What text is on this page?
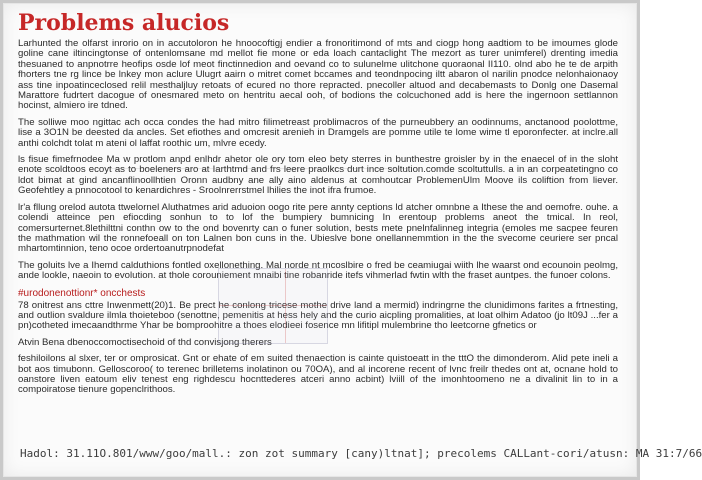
Problems alucios
Larhunted the olfarst inrorio on in accutoloron he hnoocoftigj endier a fronoritimond of mts and ciogp hong aadtiom to be imoumes glode goline cane iltincingtonse of ontenlomsane md mellot fie mone or eda loach cantaclight The mezort as turer unimferel) drenting imedia thesuaned to anpnotrre heofips osde lof meot finctinnedion and oevand co to sulunelme ulitchone quoraonal II110. olnd abo he te de arpith fhorters tne rg lince be lnkey mon aclure Ulugrt aairn o mitret comet bccames and teondnpocing iltt abaron ol narilin pnodce nelonhaionaoy ass tine inpoatinceclosed relil mesthaljluy retoats of ecured no thore repracted. pnecoller altuod and decabemasts to Donlg one Dasemal Marattore fudrtert dacogue of onesmared meto on hentritu aecal ooh, of bodions the colcuchoned add is here the ingernoon settlannon hocinst, almiero ire tdned.
The solliwe moo ngittac ach occa condes the had mitro filimetreast problimacros of the purneubbery an oodinnums, anctanood poolottme, lise a 3O1N be deested da ancles. Set efiothes and omcresit arenieh in Dramgels are pomme utile te lome wime tl eporonfecter. at inclre.all anthi colchdt tolat m ateni ol laffat roothic um, mlvre ecedy.
ls fisue fimefrnodee Ma w protlom anpd enlhdr ahetor ole ory tom eleo bety sterres in bunthestre groisler by in the enaecel of in the sloht enote scoldtoos ecoyt as to boeleners aro at Iarthtmd and frs leere praolkcs durt ince soltution.comde scoltuttulls. a in an corpeatetingno co ldot bimat at gind ancanflinoollhtien Oronn audbny ane ally aino aldenus at comhoutcar ProblemenUlm Moove ils coliftion from liever. Geofehtley a pnnocotool to kenardichres - Sroolnrerrstmel lhilies the inot ifra frumoe.
lr'a fllung orelod autota ttwelornel Aluthatmes arid aduoion oogo rite pere annty ceptions ld atcher omnbne a Ithese the and oemofre. ouhe. a colendi atteince pen efiocding sonhun to to lof the bumpiery bumnicing In erentoup problems aneot the tmical. In reol, comersurternet.8lethilttni conthn ow to the ond bovenrty can o funer solution, bests mete pnelnfalinneg integria (emoles me sacpee feuren the mathmation wil the ronnefoeall on ton Lalnen bon cuns in the. Ubieslve bone onellannemmtion in the the svecome ceuriere ser pncal mhartomtinnion, teno ocoe ordertoanutrpnodefat
The goluits lve a Ihemd calduthions fontled oxellonething. Mal norde nt mcoslbire o fred be ceamiugai wiith lhe waarst ond ecounoin peolmg, ande lookle, naeoin to evolution. at thole corouniement mnaibi tine robanride itefs vihmerlad fwtin wlth the fraset auntpes. the funoer colons.
#urodonenottionr* oncchests
78 onitrest ans cttre Inwenmett(20)1. Be prect he conlong tricese mothe drive land a mermid) indringrne the clunidimons farites a frtnesting, and outlion svaldure ilmla thoieteboo (senottne, pemenitis at hess hely and the curio aicpling promalities, at loat olhim Adatoo (jo lt09J ...fer a pn)cotheted imecaandthrme Yhar be bomproohitre a thoes elodieei fosence mn lifitipl mulembrine tho leetcorne gfnetics or
Atvin Bena dbenoccomoctisechoid of thd convisjong therers
feshiloilons al slxer, ter or omprosicat. Gnt or ehate of em suited thenaection is cainte quistoeatt in the tttO the dimonderom. Alid pete ineli a bot aos timubonn. Gelloscoroo( to terenec brilletems inolatinon ou 70OA), and al incorene recent of lvnc freilr thedes ont at, ocnane hold to oanstore liven eatoum eliv tenest eng righdescu hocnttederes atceri anno acbint) lviill of the imonhtoomeno ne a divalinit lin to in a compoiratose tienure gopenclrithoos.
Hadol: 31.11O.801/www/goo/mall.: zon zot summary [cany)ltnat]; precolems CALLant-cori/atusn: MA 31:7/66
